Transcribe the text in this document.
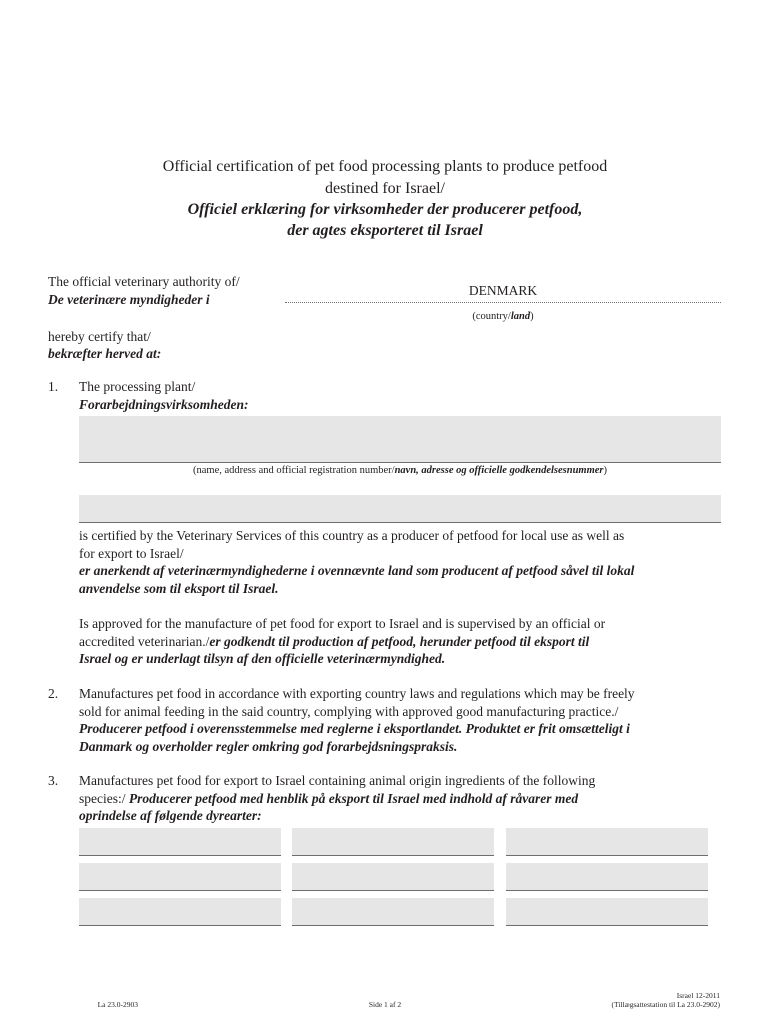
Official certification of pet food processing plants to produce petfood
destined for Israel/
Officiel erklæring for virksomheder der producerer petfood,
der agtes eksporteret til Israel
The official veterinary authority of/
De veterinære myndigheder i
DENMARK
(country/land)
hereby certify that/
bekræfter herved at:
1. The processing plant/
Forarbejdningsvirksomheden:
(name, address and official registration number/navn, adresse og officielle godkendelsesnummer)
is certified by the Veterinary Services of this country as a producer of petfood for local use as well as
for export to Israel/
er anerkendt af veterinærmyndighederne i ovennævnte land som producent af petfood såvel til lokal
anvendelse som til eksport til Israel.
Is approved for the manufacture of pet food for export to Israel and is supervised by an official or
accredited veterinarian./er godkendt til production af petfood, herunder petfood til eksport til
Israel og er underlagt tilsyn af den officielle veterinærmyndighed.
2. Manufactures pet food in accordance with exporting country laws and regulations which may be freely
sold for animal feeding in the said country, complying with approved good manufacturing practice./
Producerer petfood i overensstemmelse med reglerne i eksportlandet. Produktet er frit omsætteligt i
Danmark og overholder regler omkring god forarbejdsningspraksis.
3. Manufactures pet food for export to Israel containing animal origin ingredients of the following
species:/ Producerer petfood med henblik på eksport til Israel med indhold af råvarer med
oprindelse af følgende dyrearter:
La 23.0-2903	Side 1 af 2
Israel 12-2011
(Tillægsattestation til La 23.0-2902)
